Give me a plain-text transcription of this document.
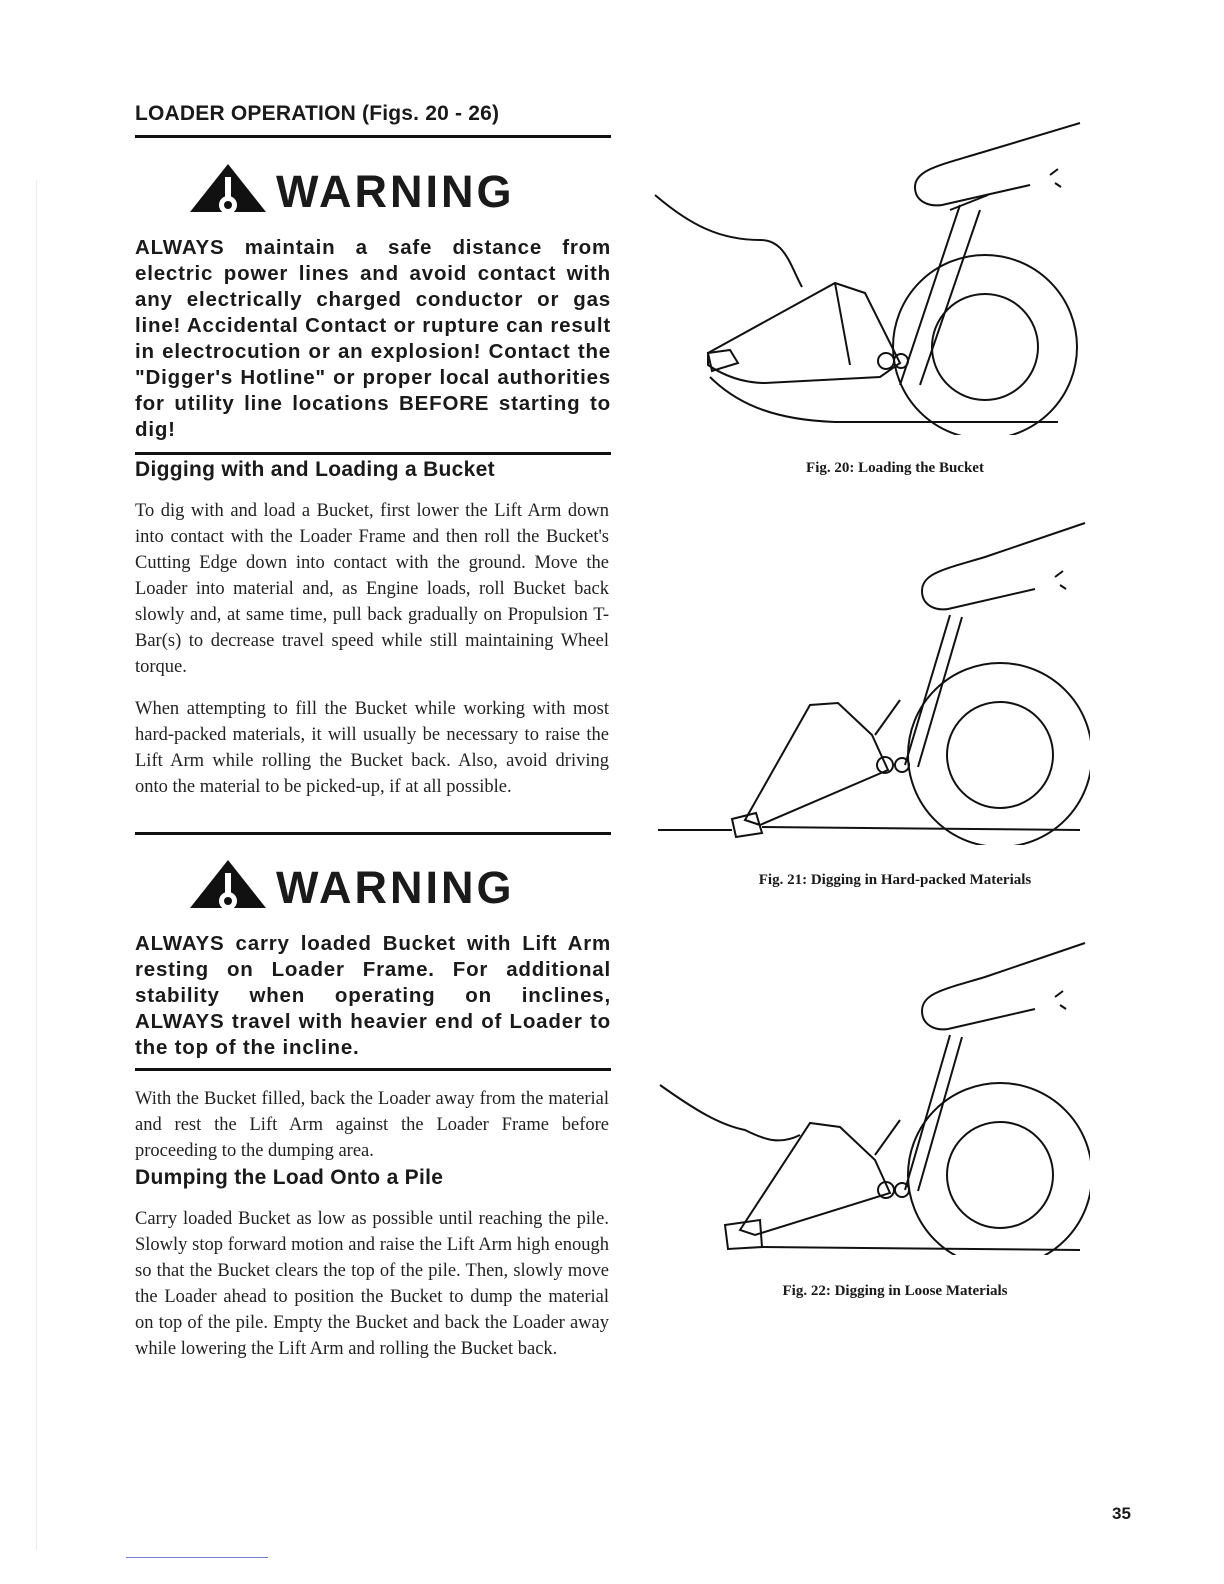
LOADER OPERATION (Figs. 20 - 26)
WARNING

ALWAYS maintain a safe distance from electric power lines and avoid contact with any electrically charged conductor or gas line! Accidental Contact or rupture can result in electrocution or an explosion! Contact the "Digger's Hotline" or proper local authorities for utility line locations BEFORE starting to dig!

Digging with and Loading a Bucket

To dig with and load a Bucket, first lower the Lift Arm down into contact with the Loader Frame and then roll the Bucket's Cutting Edge down into contact with the ground. Move the Loader into material and, as Engine loads, roll Bucket back slowly and, at same time, pull back gradually on Propulsion T-Bar(s) to decrease travel speed while still maintaining Wheel torque.

When attempting to fill the Bucket while working with most hard-packed materials, it will usually be necessary to raise the Lift Arm while rolling the Bucket back. Also, avoid driving onto the material to be picked-up, if at all possible.

WARNING

ALWAYS carry loaded Bucket with Lift Arm resting on Loader Frame. For additional stability when operating on inclines, ALWAYS travel with heavier end of Loader to the top of the incline.

With the Bucket filled, back the Loader away from the material and rest the Lift Arm against the Loader Frame before proceeding to the dumping area.

Dumping the Load Onto a Pile

Carry loaded Bucket as low as possible until reaching the pile. Slowly stop forward motion and raise the Lift Arm high enough so that the Bucket clears the top of the pile. Then, slowly move the Loader ahead to position the Bucket to dump the material on top of the pile. Empty the Bucket and back the Loader away while lowering the Lift Arm and rolling the Bucket back.

Fig. 20: Loading the Bucket

Fig. 21: Digging in Hard-packed Materials

Fig. 22: Digging in Loose Materials

35
